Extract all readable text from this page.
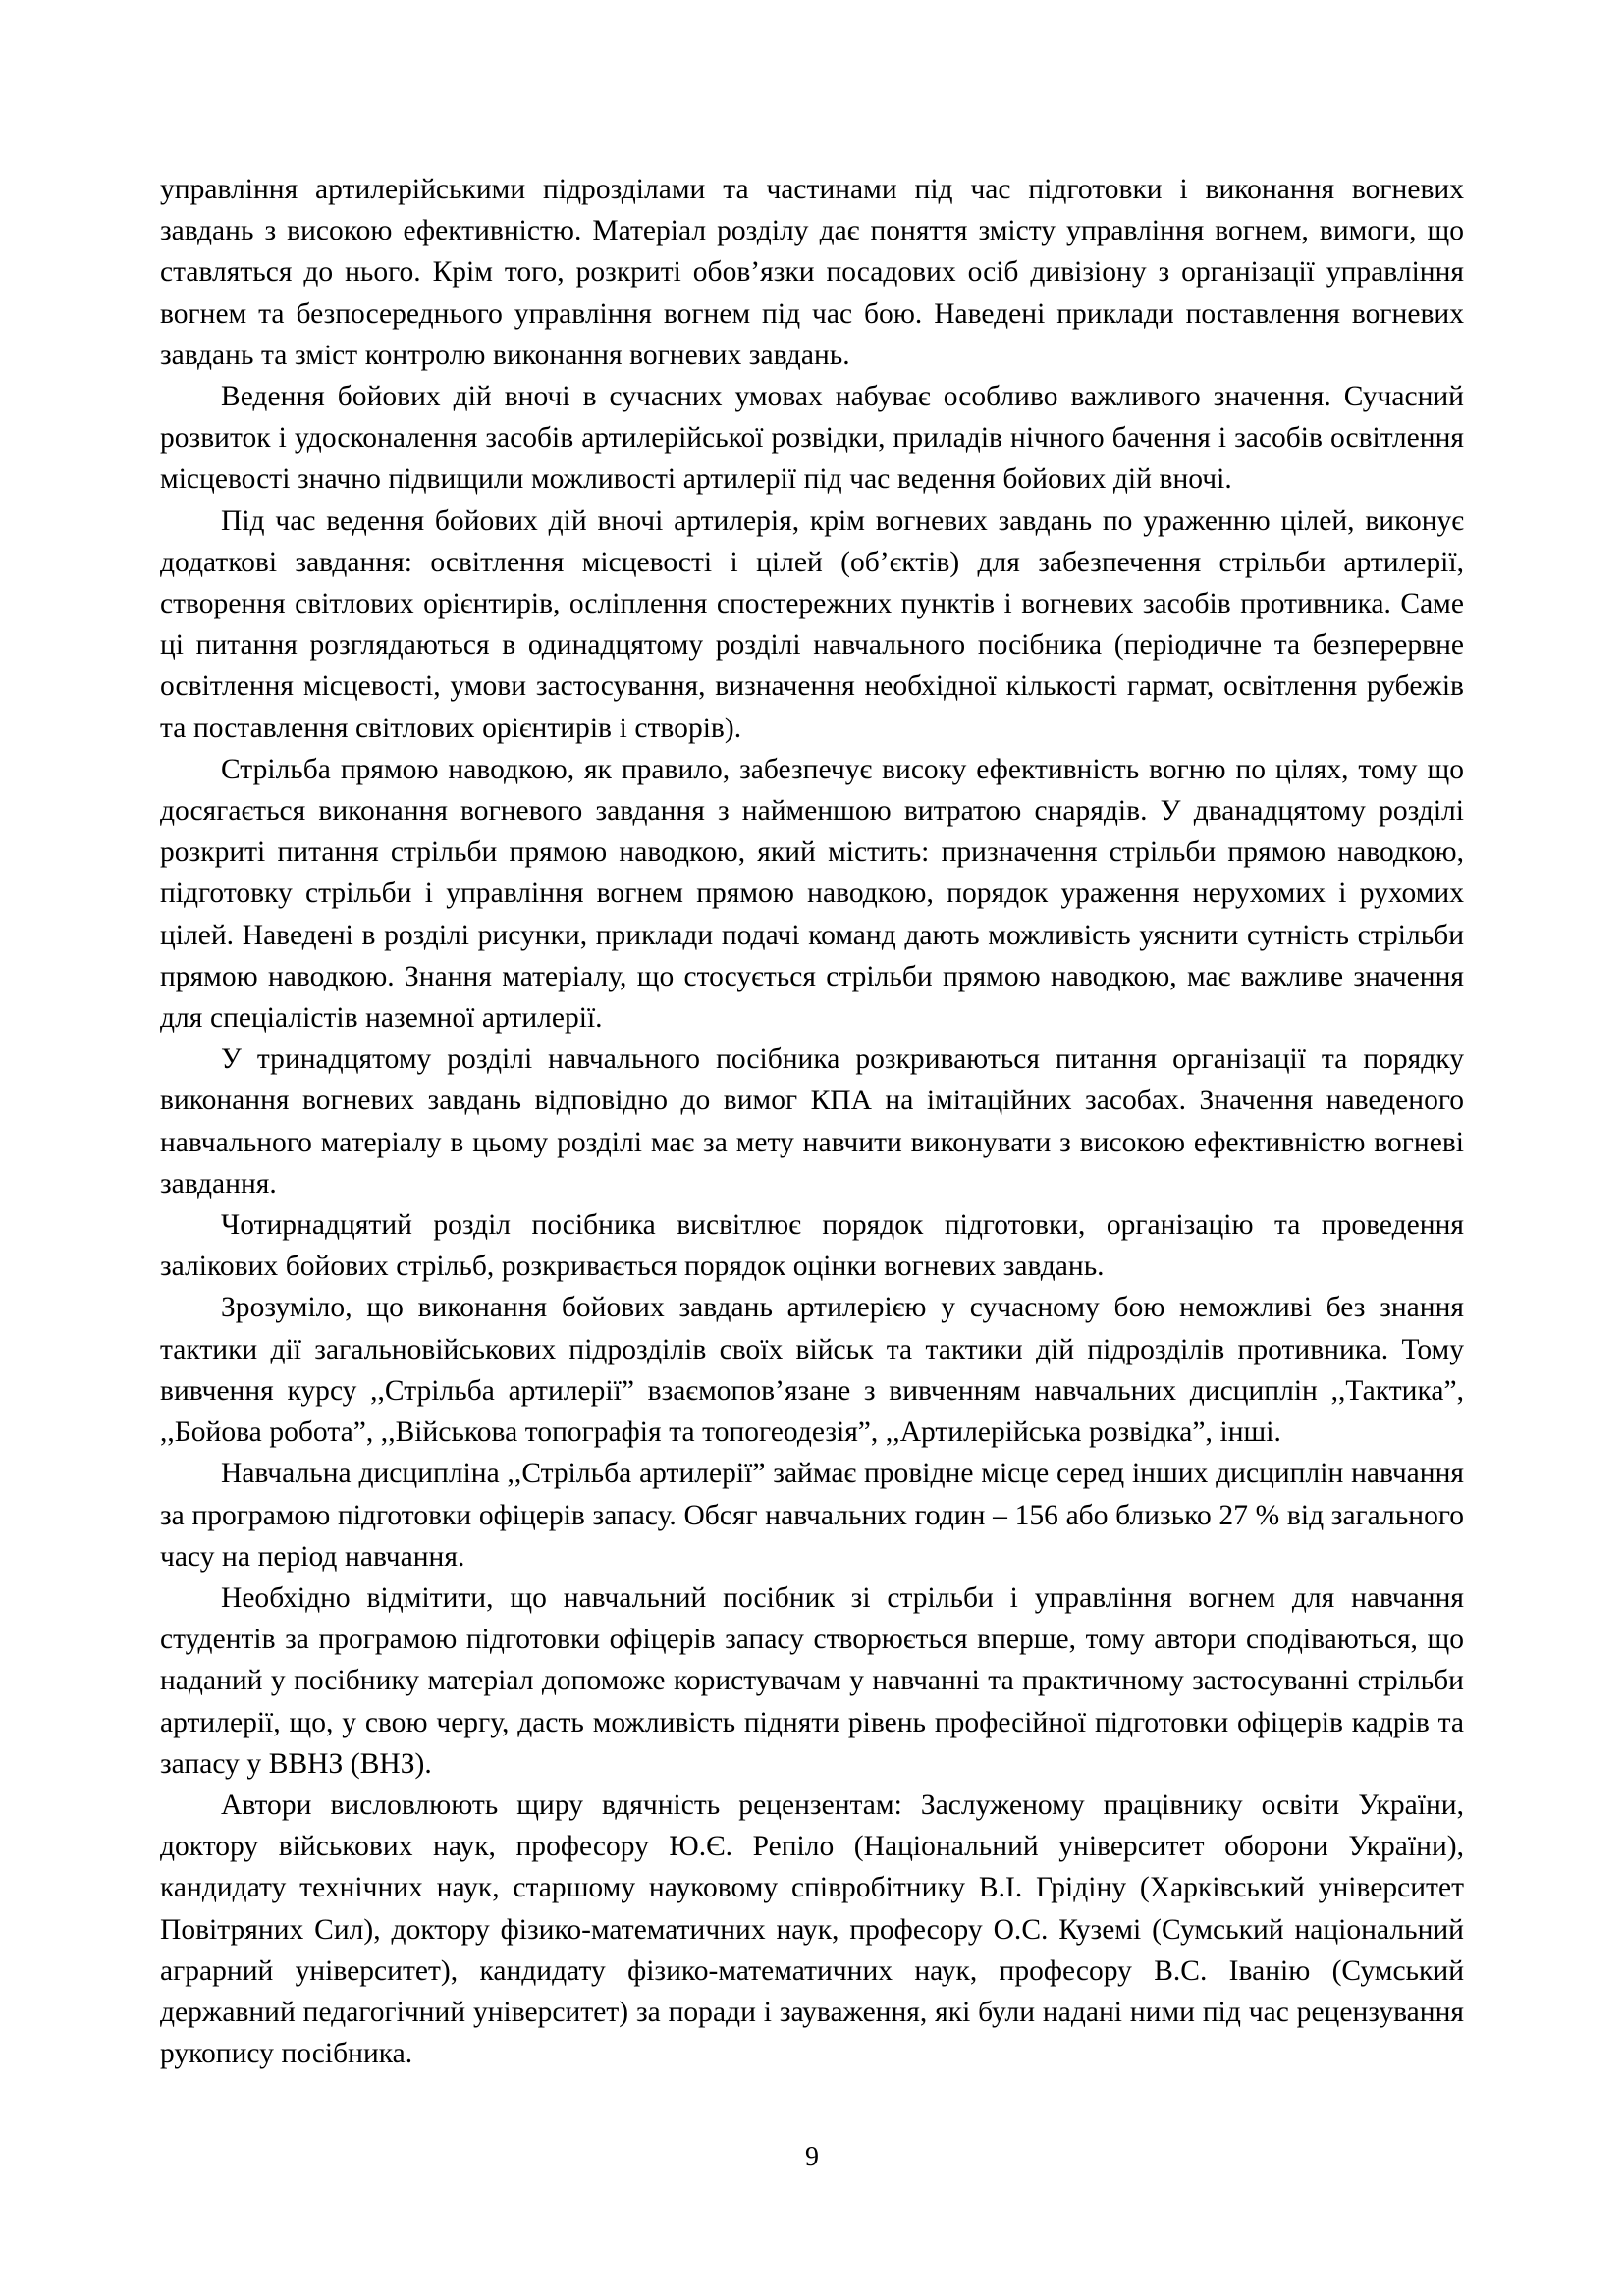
управління артилерійськими підрозділами та частинами під час підготовки і виконання вогневих завдань з високою ефективністю. Матеріал розділу дає поняття змісту управління вогнем, вимоги, що ставляться до нього. Крім того, розкриті обов’язки посадових осіб дивізіону з організації управління вогнем та безпосереднього управління вогнем під час бою. Наведені приклади поставлення вогневих завдань та зміст контролю виконання вогневих завдань.

Ведення бойових дій вночі в сучасних умовах набуває особливо важливого значення. Сучасний розвиток і удосконалення засобів артилерійської розвідки, приладів нічного бачення і засобів освітлення місцевості значно підвищили можливості артилерії під час ведення бойових дій вночі.

Під час ведення бойових дій вночі артилерія, крім вогневих завдань по ураженню цілей, виконує додаткові завдання: освітлення місцевості і цілей (об’єктів) для забезпечення стрільби артилерії, створення світлових орієнтирів, осліплення спостережних пунктів і вогневих засобів противника. Саме ці питання розглядаються в одинадцятому розділі навчального посібника (періодичне та безперервне освітлення місцевості, умови застосування, визначення необхідної кількості гармат, освітлення рубежів та поставлення світлових орієнтирів і створів).

Стрільба прямою наводкою, як правило, забезпечує високу ефективність вогню по цілях, тому що досягається виконання вогневого завдання з найменшою витратою снарядів. У дванадцятому розділі розкриті питання стрільби прямою наводкою, який містить: призначення стрільби прямою наводкою, підготовку стрільби і управління вогнем прямою наводкою, порядок ураження нерухомих і рухомих цілей. Наведені в розділі рисунки, приклади подачі команд дають можливість уяснити сутність стрільби прямою наводкою. Знання матеріалу, що стосується стрільби прямою наводкою, має важливе значення для спеціалістів наземної артилерії.

У тринадцятому розділі навчального посібника розкриваються питання організації та порядку виконання вогневих завдань відповідно до вимог КПА на імітаційних засобах. Значення наведеного навчального матеріалу в цьому розділі має за мету навчити виконувати з високою ефективністю вогневі завдання.

Чотирнадцятий розділ посібника висвітлює порядок підготовки, організацію та проведення залікових бойових стрільб, розкривається порядок оцінки вогневих завдань.

Зрозуміло, що виконання бойових завдань артилерією у сучасному бою неможливі без знання тактики дії загальновійськових підрозділів своїх військ та тактики дій підрозділів противника. Тому вивчення курсу ,,Стрільба артилерії” взаємопов’язане з вивченням навчальних дисциплін ,,Тактика”, ,,Бойова робота”, ,,Військова топографія та топогеодезія”, ,,Артилерійська розвідка”, інші.

Навчальна дисципліна ,,Стрільба артилерії” займає провідне місце серед інших дисциплін навчання за програмою підготовки офіцерів запасу. Обсяг навчальних годин – 156 або близько 27 % від загального часу на період навчання.

Необхідно відмітити, що навчальний посібник зі стрільби і управління вогнем для навчання студентів за програмою підготовки офіцерів запасу створюється вперше, тому автори сподіваються, що наданий у посібнику матеріал допоможе користувачам у навчанні та практичному застосуванні стрільби артилерії, що, у свою чергу, дасть можливість підняти рівень професійної підготовки офіцерів кадрів та запасу у ВВНЗ (ВНЗ).

Автори висловлюють щиру вдячність рецензентам: Заслуженому працівнику освіти України, доктору військових наук, професору Ю.Є. Репіло (Національний університет оборони України), кандидату технічних наук, старшому науковому співробітнику В.І. Грідіну (Харківський університет Повітряних Сил), доктору фізико-математичних наук, професору О.С. Куземі (Сумський національний аграрний університет), кандидату фізико-математичних наук, професору В.С. Іванію (Сумський державний педагогічний університет) за поради і зауваження, які були надані ними під час рецензування рукопису посібника.

9
